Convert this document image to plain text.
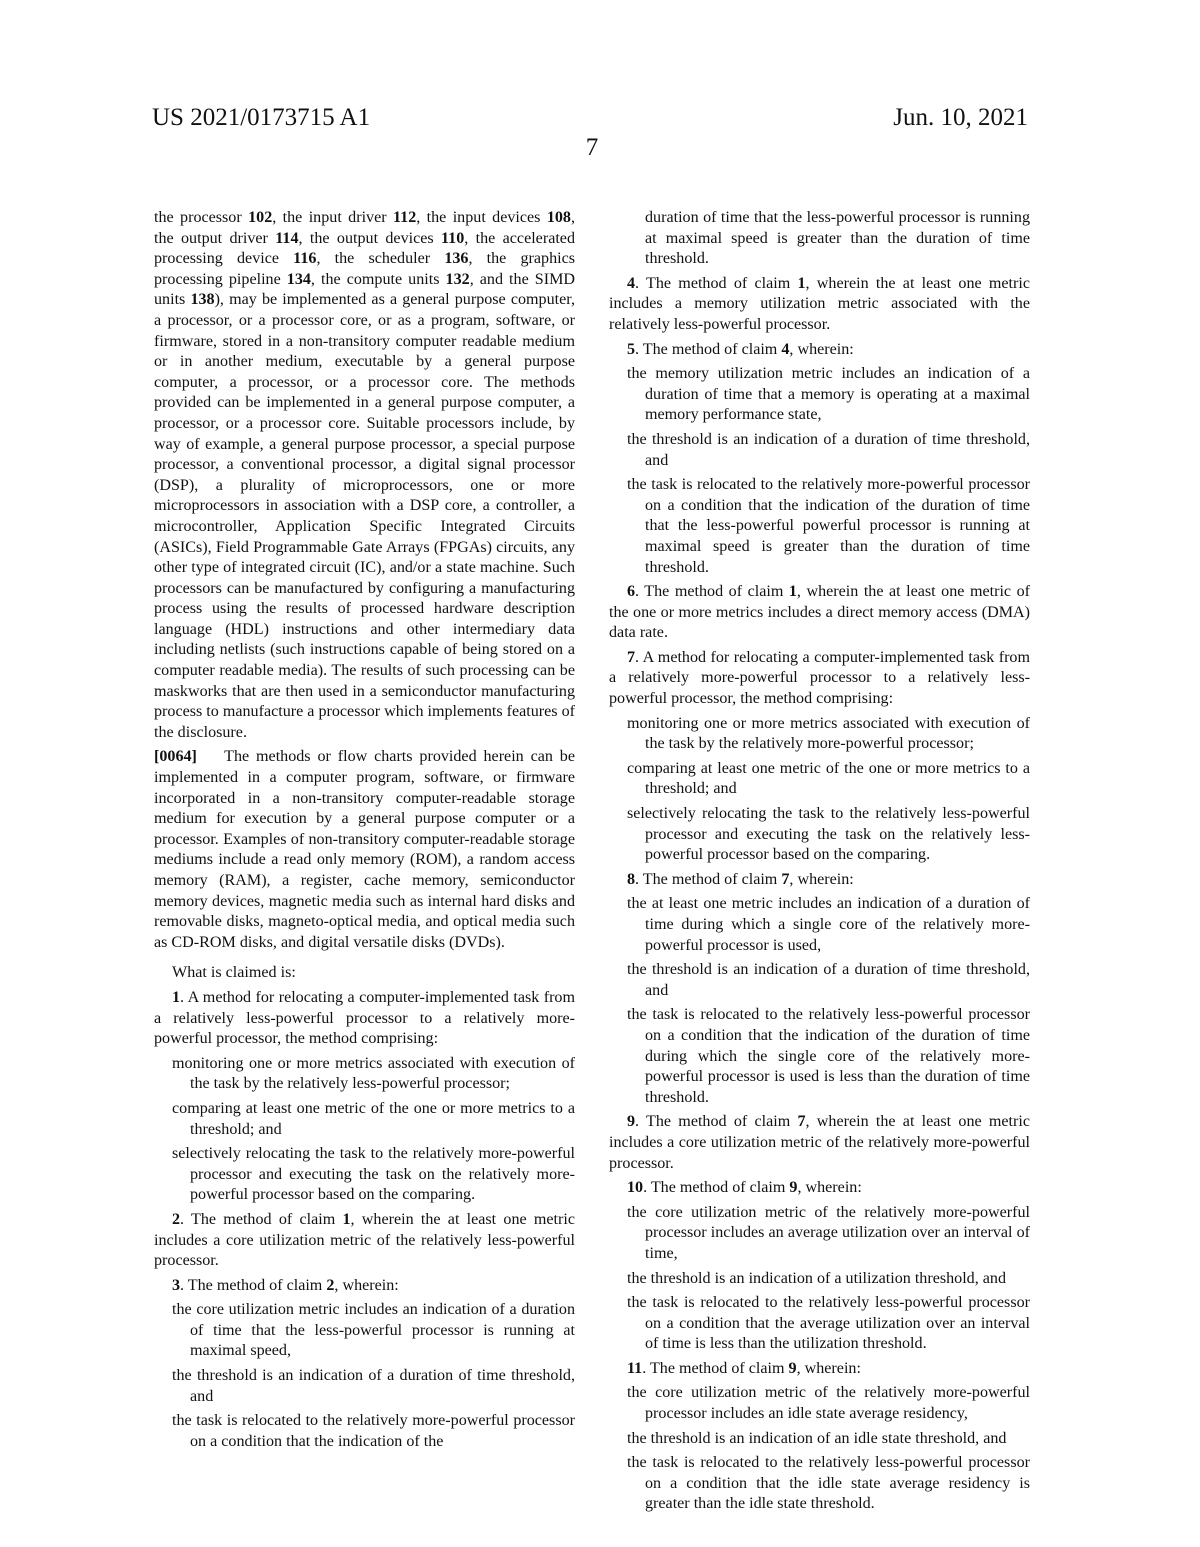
US 2021/0173715 A1	Jun. 10, 2021
7

the processor 102, the input driver 112, the input devices 108, the output driver 114, the output devices 110, the accelerated processing device 116, the scheduler 136, the graphics processing pipeline 134, the compute units 132, and the SIMD units 138), may be implemented as a general purpose computer, a processor, or a processor core, or as a program, software, or firmware, stored in a non-transitory computer readable medium or in another medium, executable by a general purpose computer, a processor, or a processor core. The methods provided can be implemented in a general purpose computer, a processor, or a processor core. Suitable processors include, by way of example, a general purpose processor, a special purpose processor, a conventional processor, a digital signal processor (DSP), a plurality of microprocessors, one or more microprocessors in association with a DSP core, a controller, a microcontroller, Application Specific Integrated Circuits (ASICs), Field Programmable Gate Arrays (FPGAs) circuits, any other type of integrated circuit (IC), and/or a state machine. Such processors can be manufactured by configuring a manufacturing process using the results of processed hardware description language (HDL) instructions and other intermediary data including netlists (such instructions capable of being stored on a computer readable media). The results of such processing can be maskworks that are then used in a semiconductor manufacturing process to manufacture a processor which implements features of the disclosure.

[0064] The methods or flow charts provided herein can be implemented in a computer program, software, or firmware incorporated in a non-transitory computer-readable storage medium for execution by a general purpose computer or a processor. Examples of non-transitory computer-readable storage mediums include a read only memory (ROM), a random access memory (RAM), a register, cache memory, semiconductor memory devices, magnetic media such as internal hard disks and removable disks, magneto-optical media, and optical media such as CD-ROM disks, and digital versatile disks (DVDs).

What is claimed is:

1. A method for relocating a computer-implemented task from a relatively less-powerful processor to a relatively more-powerful processor, the method comprising:

monitoring one or more metrics associated with execution of the task by the relatively less-powerful processor;

comparing at least one metric of the one or more metrics to a threshold; and

selectively relocating the task to the relatively more-powerful processor and executing the task on the relatively more-powerful processor based on the comparing.

2. The method of claim 1, wherein the at least one metric includes a core utilization metric of the relatively less-powerful processor.

3. The method of claim 2, wherein:

the core utilization metric includes an indication of a duration of time that the less-powerful processor is running at maximal speed,

the threshold is an indication of a duration of time threshold, and

the task is relocated to the relatively more-powerful processor on a condition that the indication of the

duration of time that the less-powerful processor is running at maximal speed is greater than the duration of time threshold.

4. The method of claim 1, wherein the at least one metric includes a memory utilization metric associated with the relatively less-powerful processor.

5. The method of claim 4, wherein:

the memory utilization metric includes an indication of a duration of time that a memory is operating at a maximal memory performance state,

the threshold is an indication of a duration of time threshold, and

the task is relocated to the relatively more-powerful processor on a condition that the indication of the duration of time that the less-powerful powerful processor is running at maximal speed is greater than the duration of time threshold.

6. The method of claim 1, wherein the at least one metric of the one or more metrics includes a direct memory access (DMA) data rate.

7. A method for relocating a computer-implemented task from a relatively more-powerful processor to a relatively less-powerful processor, the method comprising:

monitoring one or more metrics associated with execution of the task by the relatively more-powerful processor;

comparing at least one metric of the one or more metrics to a threshold; and

selectively relocating the task to the relatively less-powerful processor and executing the task on the relatively less-powerful processor based on the comparing.

8. The method of claim 7, wherein:

the at least one metric includes an indication of a duration of time during which a single core of the relatively more-powerful processor is used,

the threshold is an indication of a duration of time threshold, and

the task is relocated to the relatively less-powerful processor on a condition that the indication of the duration of time during which the single core of the relatively more-powerful processor is used is less than the duration of time threshold.

9. The method of claim 7, wherein the at least one metric includes a core utilization metric of the relatively more-powerful processor.

10. The method of claim 9, wherein:

the core utilization metric of the relatively more-powerful processor includes an average utilization over an interval of time,

the threshold is an indication of a utilization threshold, and

the task is relocated to the relatively less-powerful processor on a condition that the average utilization over an interval of time is less than the utilization threshold.

11. The method of claim 9, wherein:

the core utilization metric of the relatively more-powerful processor includes an idle state average residency,

the threshold is an indication of an idle state threshold, and

the task is relocated to the relatively less-powerful processor on a condition that the idle state average residency is greater than the idle state threshold.
